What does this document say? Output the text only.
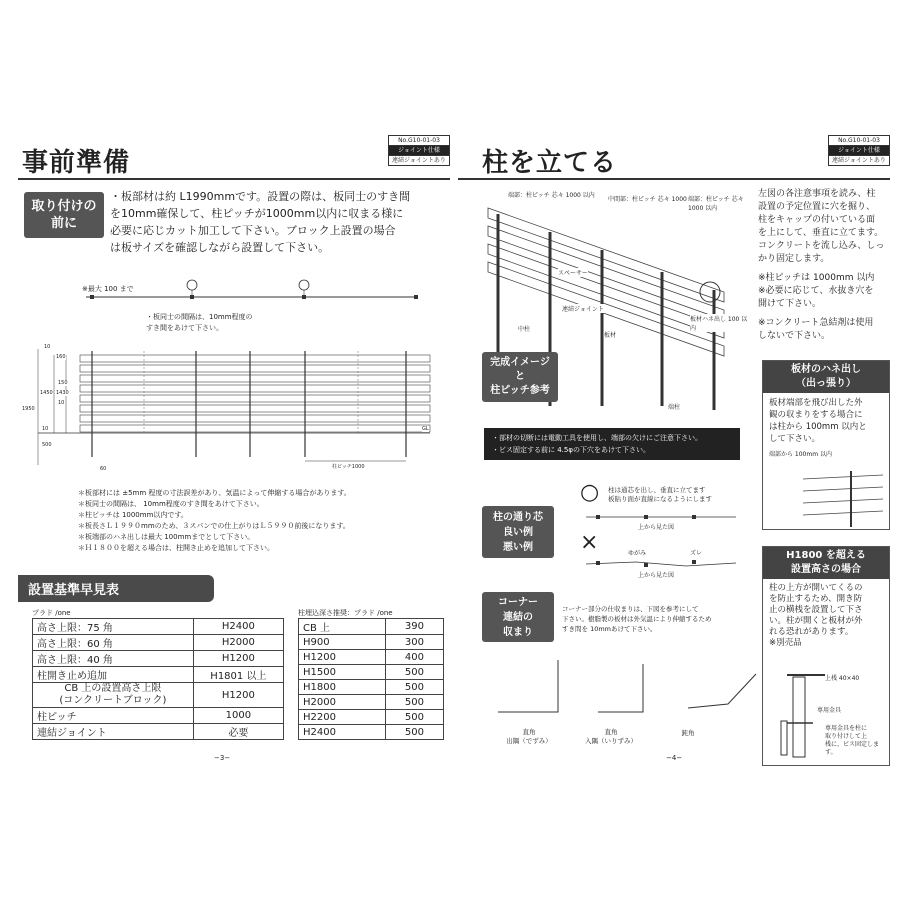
事前準備
No.G10-01-03
ジョイント仕様
連結ジョイントあり
取り付けの
前に
・板部材は約 L1990mmです。設置の際は、板同士のすき間
を10mm確保して、柱ピッチが1000mm以内に収まる様に
必要に応じカット加工して下さい。ブロック上設置の場合
は板サイズを確認しながら設置して下さい。
※最大 100 まで
・板同士の間隔は、10mm程度の
すき間をあけて下さい。
10
160
1450 1430
150
10
1950
10
500
60	柱ピッチ1000
GL
＊板部材には ±5mm 程度の寸法誤差があり、気温によって伸縮する場合があります。
＊板同士の間隔は、 10mm程度のすき間をあけて下さい。
＊柱ピッチは 1000mm以内です。
＊板長さＬ１９９０mmのため、３スパンでの仕上がりはＬ５９９０前後になります。
＊板端部のハネ出しは最大 100mmまでとして下さい。
＊Ｈ１８００を超える場合は、柱開き止めを追加して下さい。
設置基準早見表
プラド /one
高さ上限：75 角	H2400
高さ上限：60 角	H2000
高さ上限：40 角	H1200
柱開き止め追加	H1801 以上
CB 上の設置高さ上限
(コンクリートブロック)	H1200
柱ピッチ	1000
連結ジョイント	必要
柱埋込深さ推奨：プラド /one
CB 上	390
H900	300
H1200	400
H1500	500
H1800	500
H2000	500
H2200	500
H2400	500
−3−
柱を立てる
No.G10-01-03
ジョイント仕様
連結ジョイントあり
端部：柱ピッチ 芯々 1000 以内
中間部：柱ピッチ 芯々 1000 端部：柱ピッチ 芯々 1000 以内
スペーサー
連結ジョイント
中柱
板材
板材ハネ出し 100 以内
端柱
左図の各注意事項を読み、柱
設置の予定位置に穴を掘り、
柱をキャップの付いている面
を上にして、垂直に立てます。
コンクリートを流し込み、しっ
かり固定します。
※柱ピッチは 1000mm 以内
※必要に応じて、水抜き穴を
開けて下さい。
※コンクリート急結剤は使用
しないで下さい。
完成イメージ
と
柱ピッチ参考
・部材の切断には電動工具を使用し、端部の欠けにご注意下さい。
・ビス固定する前に 4.5φの下穴をあけて下さい。
板材のハネ出し
（出っ張り）
板材端部を飛び出した外
観の収まりをする場合に
は柱から 100mm 以内と
して下さい。
端部から 100mm 以内
柱の通り芯
良い例
悪い例
○ 柱は通芯を出し、垂直に立てます
板貼り面が直線になるようにします
上から見た図
×	ゆがみ	ズレ
上から見た図
コーナー
連結の
収まり
コーナー部分の仕収まりは、下図を参考にして
下さい。樹脂製の板材は外気温により伸縮するため
すき間を 10mmあけて下さい。
直角
出隅（でずみ）
直角
入隅（いりずみ）
鈍角
H1800 を超える
設置高さの場合
柱の上方が開いてくるの
を防止するため、開き防
止の横桟を設置して下さ
い。柱が開くと板材が外
れる恐れがあります。
※別売品
上桟 40×40
専用金具
専用金具を柱に
取り付けして上
桟に、ビス固定します。
−4−
